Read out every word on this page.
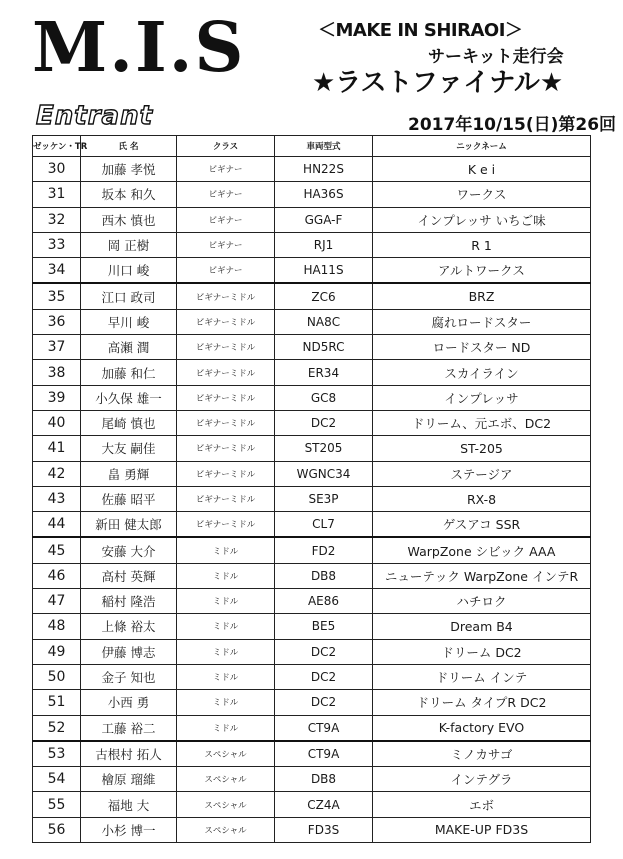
M.I.S	＜MAKE IN SHIRAOI＞
サーキット走行会
★ラストファイナル★
Entrant	2017年10/15(日)第26回
ゼッケン・TR	氏 名	クラス	車両型式	ニックネーム
30	加藤 孝悦	ビギナー	HN22S	K e i
31	坂本 和久	ビギナー	HA36S	ワークス
32	西木 慎也	ビギナー	GGA-F	インプレッサ いちご味
33	岡 正樹	ビギナー	RJ1	R 1
34	川口 峻	ビギナー	HA11S	アルトワークス
35	江口 政司	ビギナーミドル	ZC6	BRZ
36	早川 峻	ビギナーミドル	NA8C	腐れロードスター
37	高瀬 潤	ビギナーミドル	ND5RC	ロードスター ND
38	加藤 和仁	ビギナーミドル	ER34	スカイライン
39	小久保 雄一	ビギナーミドル	GC8	インプレッサ
40	尾崎 慎也	ビギナーミドル	DC2	ドリーム、元エボ、DC2
41	大友 嗣佳	ビギナーミドル	ST205	ST-205
42	畠 勇輝	ビギナーミドル	WGNC34	ステージア
43	佐藤 昭平	ビギナーミドル	SE3P	RX-8
44	新田 健太郎	ビギナーミドル	CL7	ゲスアコ SSR
45	安藤 大介	ミドル	FD2	WarpZone シビック AAA
46	高村 英輝	ミドル	DB8	ニューテック WarpZone インテR
47	稲村 隆浩	ミドル	AE86	ハチロク
48	上條 裕太	ミドル	BE5	Dream B4
49	伊藤 博志	ミドル	DC2	ドリーム DC2
50	金子 知也	ミドル	DC2	ドリーム インテ
51	小西 勇	ミドル	DC2	ドリーム タイプR DC2
52	工藤 裕二	ミドル	CT9A	K-factory EVO
53	古根村 拓人	スペシャル	CT9A	ミノカサゴ
54	檜原 瑠維	スペシャル	DB8	インテグラ
55	福地 大	スペシャル	CZ4A	エボ
56	小杉 博一	スペシャル	FD3S	MAKE-UP FD3S
